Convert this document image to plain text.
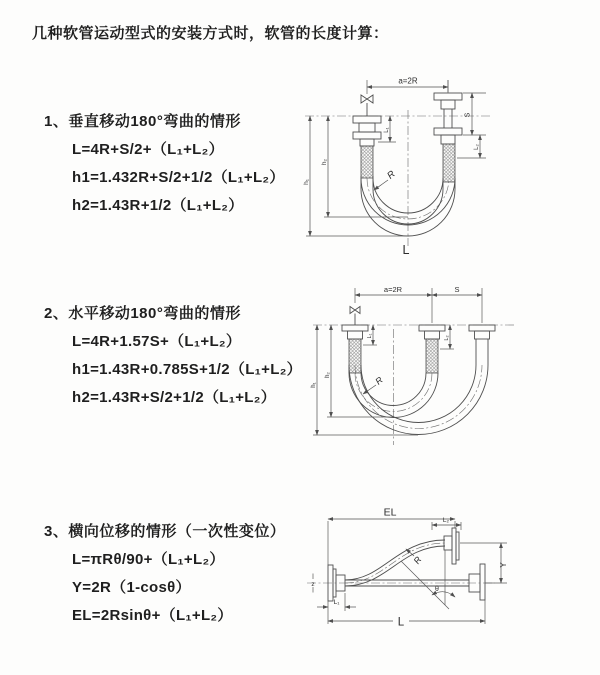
几种软管运动型式的安装方式时，软管的长度计算：
1、垂直移动180°弯曲的情形
L=4R+S/2+（L₁+L₂）
h1=1.432R+S/2+1/2（L₁+L₂）
h2=1.43R+1/2（L₁+L₂）
2、水平移动180°弯曲的情形
L=4R+1.57S+（L₁+L₂）
h1=1.43R+0.785S+1/2（L₁+L₂）
h2=1.43R+S/2+1/2（L₁+L₂）
3、横向位移的情形（一次性变位）
L=πRθ/90+（L₁+L₂）
Y=2R（1-cosθ）
EL=2Rsinθ+（L₁+L₂）
a=2R
h₁
h₂
L₁
S
L₂
R
L
a=2R	S
h₁
h₂
L₁	L₂
R
EL
L₂
z
Y
R
θ
L₁
L
